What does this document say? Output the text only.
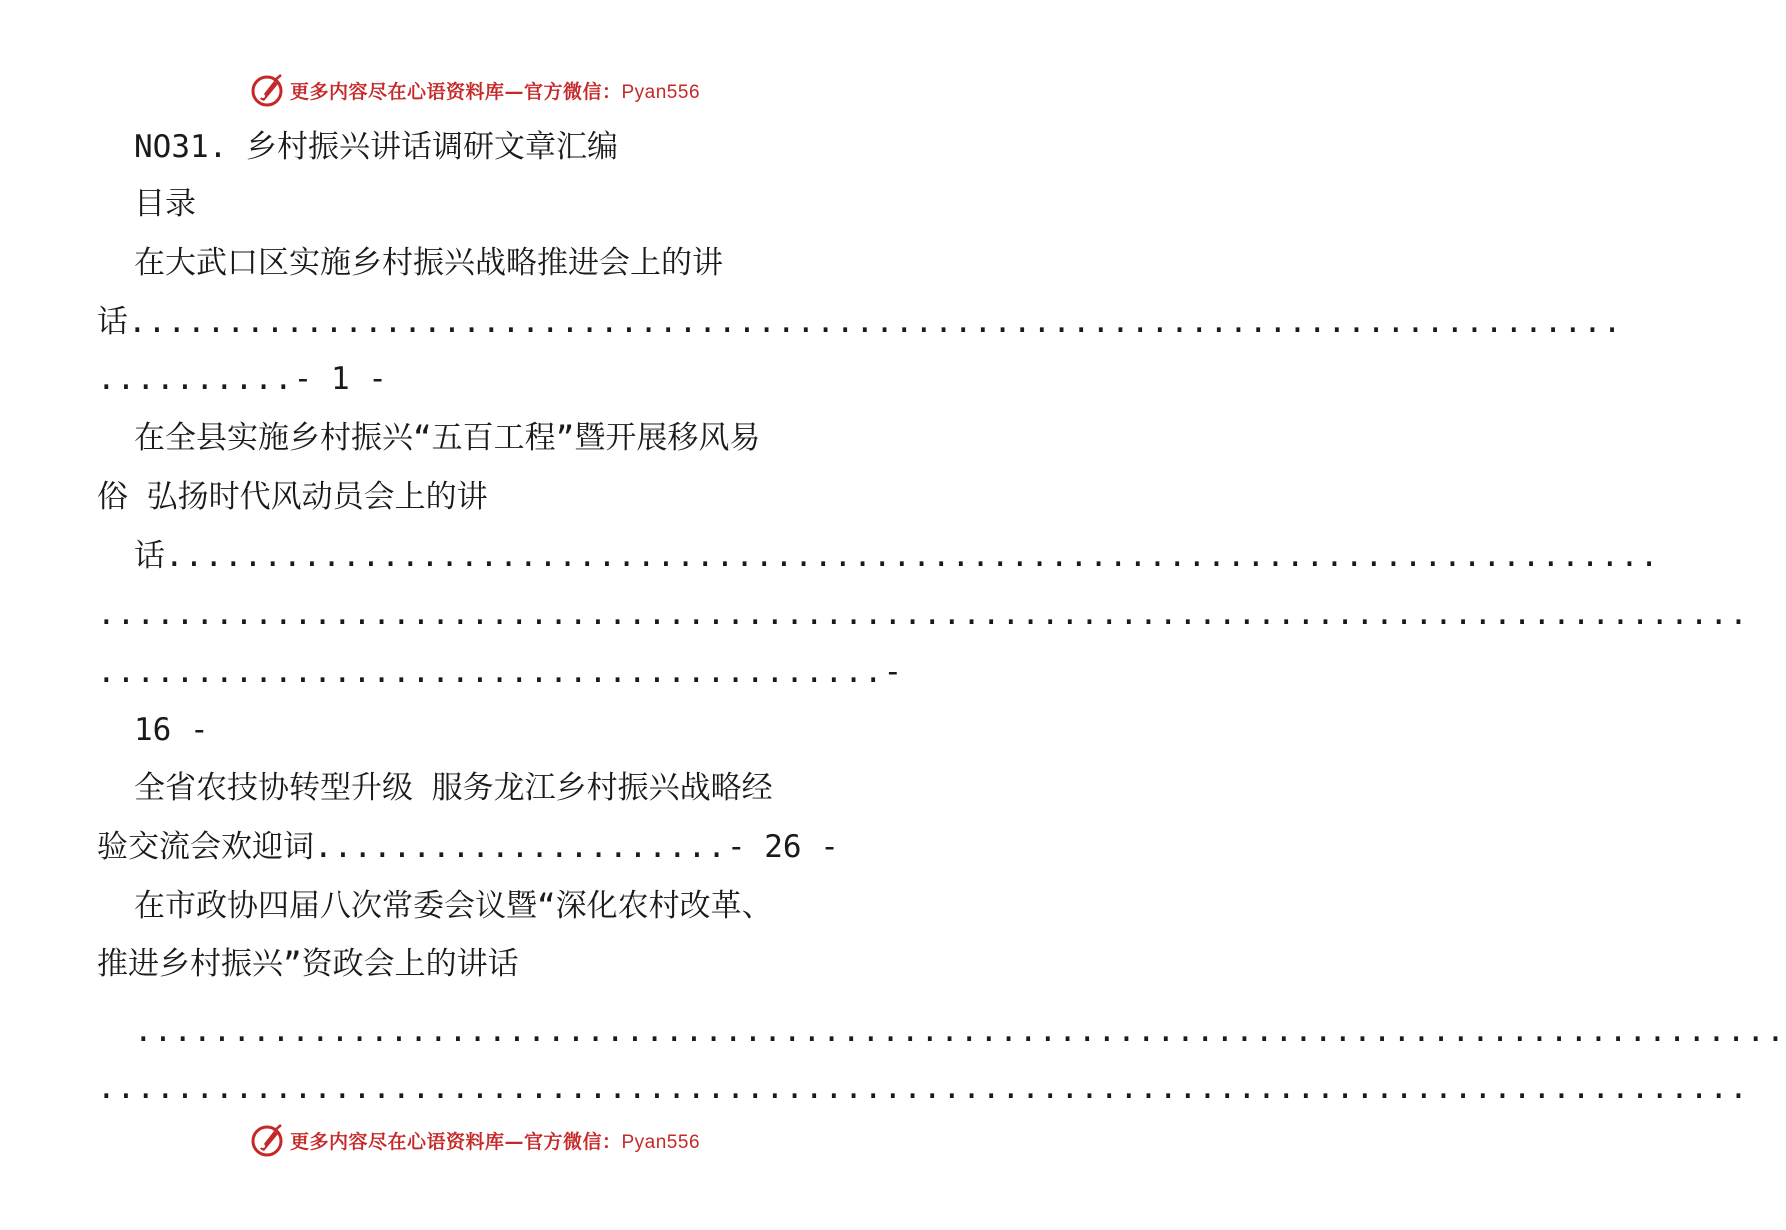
更多内容尽在心语资料库—官方微信：Pyan556
NO31. 乡村振兴讲话调研文章汇编
目录
在大武口区实施乡村振兴战略推进会上的讲
话............................................................................
..........- 1 -
在全县实施乡村振兴“五百工程”暨开展移风易
俗 弘扬时代风动员会上的讲
话............................................................................
....................................................................................
........................................-
16 -
全省农技协转型升级 服务龙江乡村振兴战略经
验交流会欢迎词.....................- 26 -
在市政协四届八次常委会议暨“深化农村改革、
推进乡村振兴”资政会上的讲话
....................................................................................
....................................................................................
更多内容尽在心语资料库—官方微信：Pyan556
